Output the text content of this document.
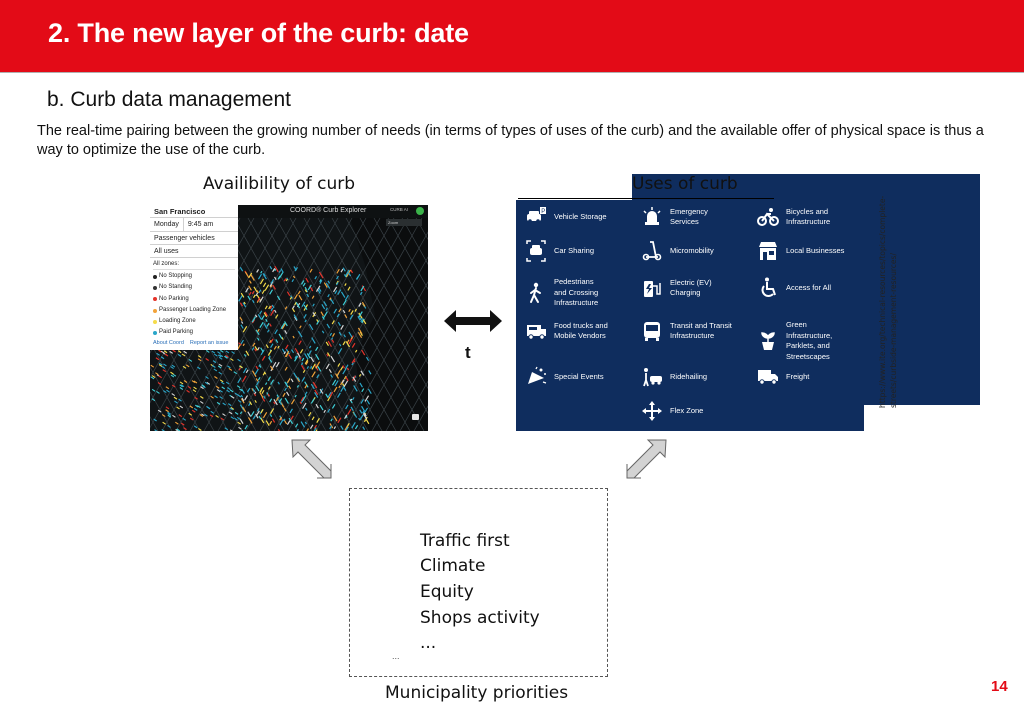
2. The new layer of the curb: date
b. Curb data management
The real-time pairing between the growing number of needs (in terms of types of uses of the curb) and the available offer of physical space is thus a way to optimize the use of the curb.
Availibility of curb	Uses of curb
COORD® Curb Explorer	CURB AI
Zoom
San Francisco
Monday	9:45 am
Passenger vehicles
All uses
All zones:
No Stopping
No Standing
No Parking
Passenger Loading Zone
Loading Zone
Paid Parking
About Coord Report an issue
t
P Vehicle Storage
Emergency
Services
Bicycles and
Infrastructure
Car Sharing	Micromobility	Local Businesses
Pedestrians
and Crossing
Infrastructure
Electric (EV)
Charging
Access for All
Food trucks and
Mobile Vendors
Transit and Transit
Infrastructure
Green
Infrastructure,
Parklets, and
Streetscapes
Special Events	Ridehailing	Freight
Flex Zone
https://www.ite.org/technical-resources/topics/complete-streets/curbside-management-resources/
Traffic first
Climate
Equity
Shops activity
...
...
Municipality priorities	14
